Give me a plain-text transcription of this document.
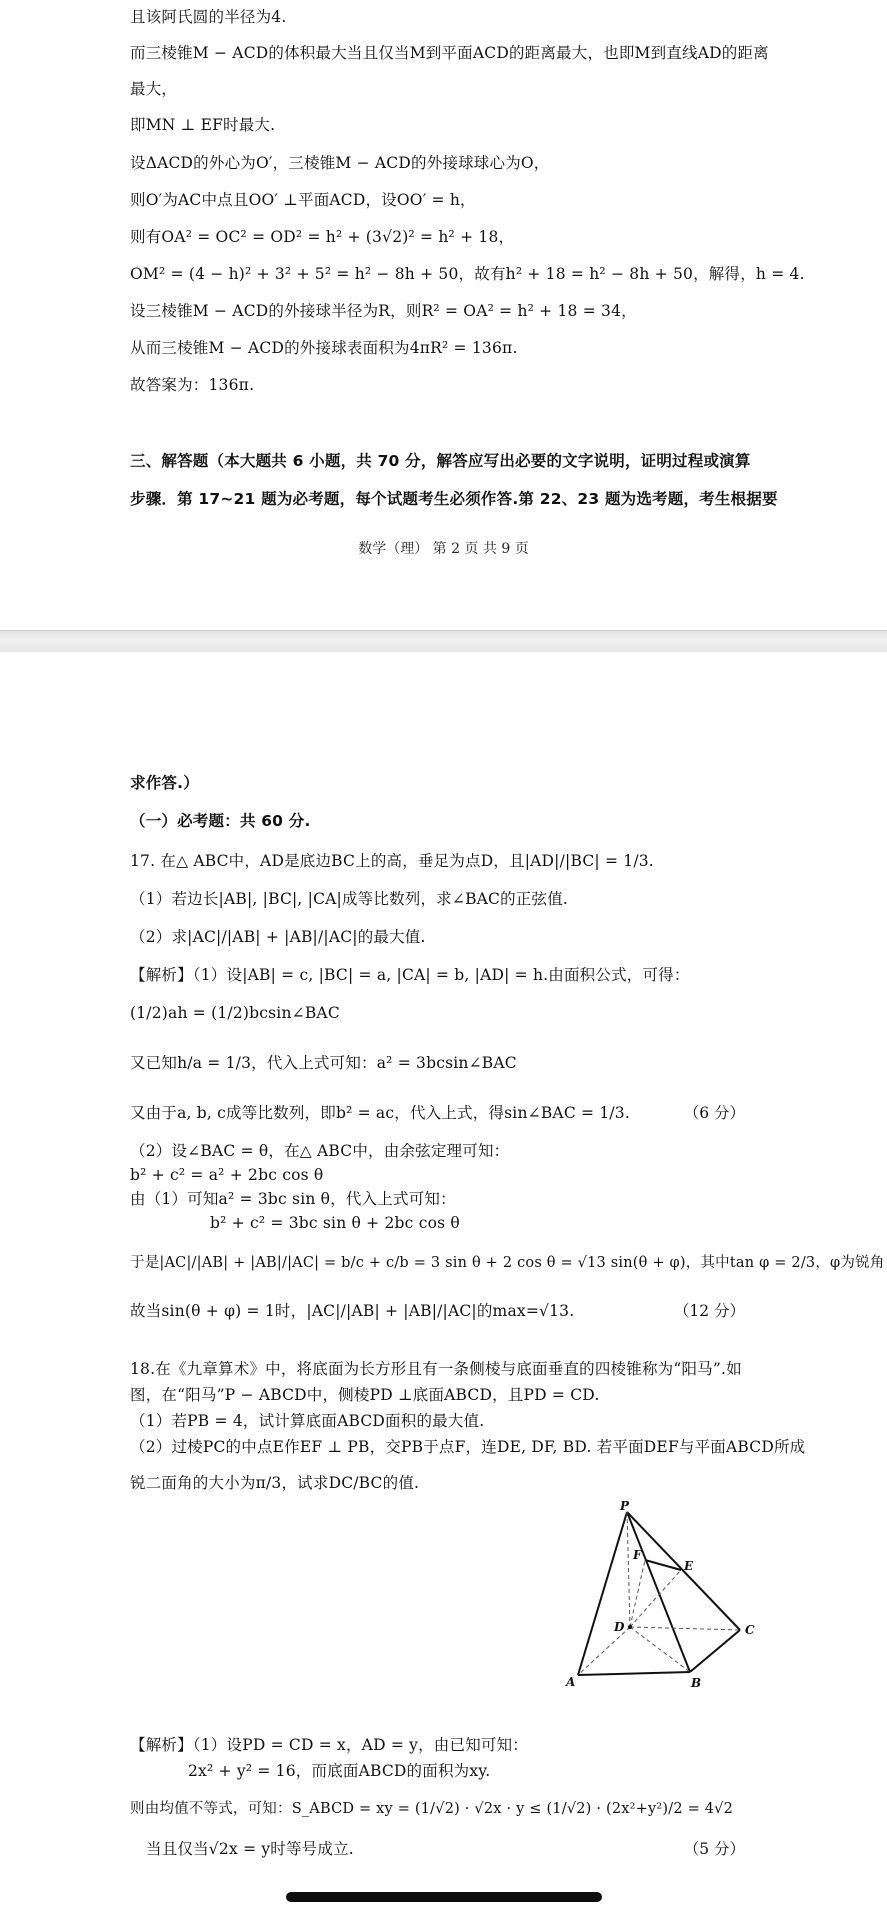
且该阿氏圆的半径为4.
而三棱锥M − ACD的体积最大当且仅当M到平面ACD的距离最大，也即M到直线AD的距离
最大，
即MN ⊥ EF时最大.
设ΔACD的外心为O′，三棱锥M − ACD的外接球球心为O，
则O′为AC中点且OO′ ⊥平面ACD，设OO′ = h，
则有OA² = OC² = OD² = h² + (3√2)² = h² + 18，
OM² = (4 − h)² + 3² + 5² = h² − 8h + 50，故有h² + 18 = h² − 8h + 50，解得，h = 4.
设三棱锥M − ACD的外接球半径为R，则R² = OA² = h² + 18 = 34，
从而三棱锥M − ACD的外接球表面积为4πR² = 136π.
故答案为：136π.
三、解答题（本大题共 6 小题，共 70 分，解答应写出必要的文字说明，证明过程或演算
步骤．第 17~21 题为必考题，每个试题考生必须作答.第 22、23 题为选考题，考生根据要
数学（理） 第 2 页 共 9 页
求作答.）
（一）必考题：共 60 分.
17. 在△ ABC中，AD是底边BC上的高，垂足为点D，且|AD|/|BC| = 1/3.
（1）若边长|AB|, |BC|, |CA|成等比数列，求∠BAC的正弦值.
（2）求|AC|/|AB| + |AB|/|AC|的最大值.
【解析】（1）设|AB| = c, |BC| = a, |CA| = b, |AD| = h.由面积公式，可得：
(1/2)ah = (1/2)bcsin∠BAC
又已知h/a = 1/3，代入上式可知：a² = 3bcsin∠BAC
又由于a, b, c成等比数列，即b² = ac，代入上式，得sin∠BAC = 1/3.	（6 分）
（2）设∠BAC = θ，在△ ABC中，由余弦定理可知：
b² + c² = a² + 2bc cos θ
由（1）可知a² = 3bc sin θ，代入上式可知：
b² + c² = 3bc sin θ + 2bc cos θ
于是|AC|/|AB| + |AB|/|AC| = b/c + c/b = 3 sin θ + 2 cos θ = √13 sin(θ + φ)，其中tan φ = 2/3，φ为锐角
故当sin(θ + φ) = 1时，|AC|/|AB| + |AB|/|AC|的max=√13.	（12 分）
18.在《九章算术》中，将底面为长方形且有一条侧棱与底面垂直的四棱锥称为“阳马”.如
图，在“阳马”P − ABCD中，侧棱PD ⊥底面ABCD，且PD = CD.
（1）若PB = 4，试计算底面ABCD面积的最大值.
（2）过棱PC的中点E作EF ⊥ PB，交PB于点F，连DE, DF, BD. 若平面DEF与平面ABCD所成
锐二面角的大小为π/3，试求DC/BC的值.
【解析】（1）设PD = CD = x，AD = y，由已知可知：
2x² + y² = 16，而底面ABCD的面积为xy.
则由均值不等式，可知：S_ABCD = xy = (1/√2) · √2x · y ≤ (1/√2) · (2x²+y²)/2 = 4√2
当且仅当√2x = y时等号成立.	（5 分）
P
F
E
D	C
A	B
